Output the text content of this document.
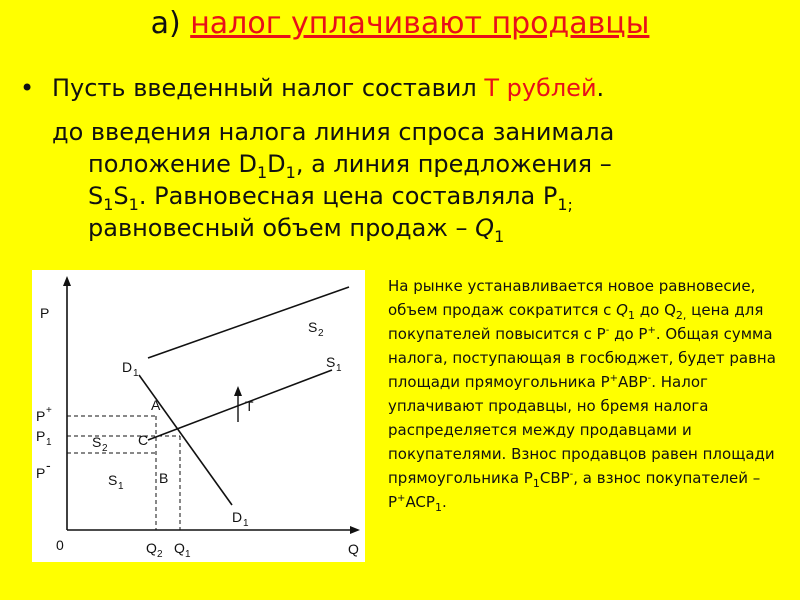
а) налог уплачивают продавцы
• Пусть введенный налог составил Т рублей.
до введения налога линия спроса занимала
положение $D_1D_1$, а линия предложения –
$S_1S_1$. Равновесная цена составляла $P_{1;}$
равновесный объем продаж – $Q_1$
P
Q
0
P +
P 1
P -
Q 2 Q 1
S 2
S 1
D 1
S 2
S 1
D 1
A
C
B
T
На рынке устанавливается новое равновесие, объем продаж сократится с $Q_1$ до $Q_{2,}$ цена для покупателей повысится с P- до P+. Общая сумма налога, поступающая в госбюджет, будет равна площади прямоугольника P+ABP-. Налог уплачивают продавцы, но бремя налога распределяется между продавцами и покупателями. Взнос продавцов равен площади прямоугольника $P_1CBP^-$, а взнос покупателей – $P^+ACP_1$.
